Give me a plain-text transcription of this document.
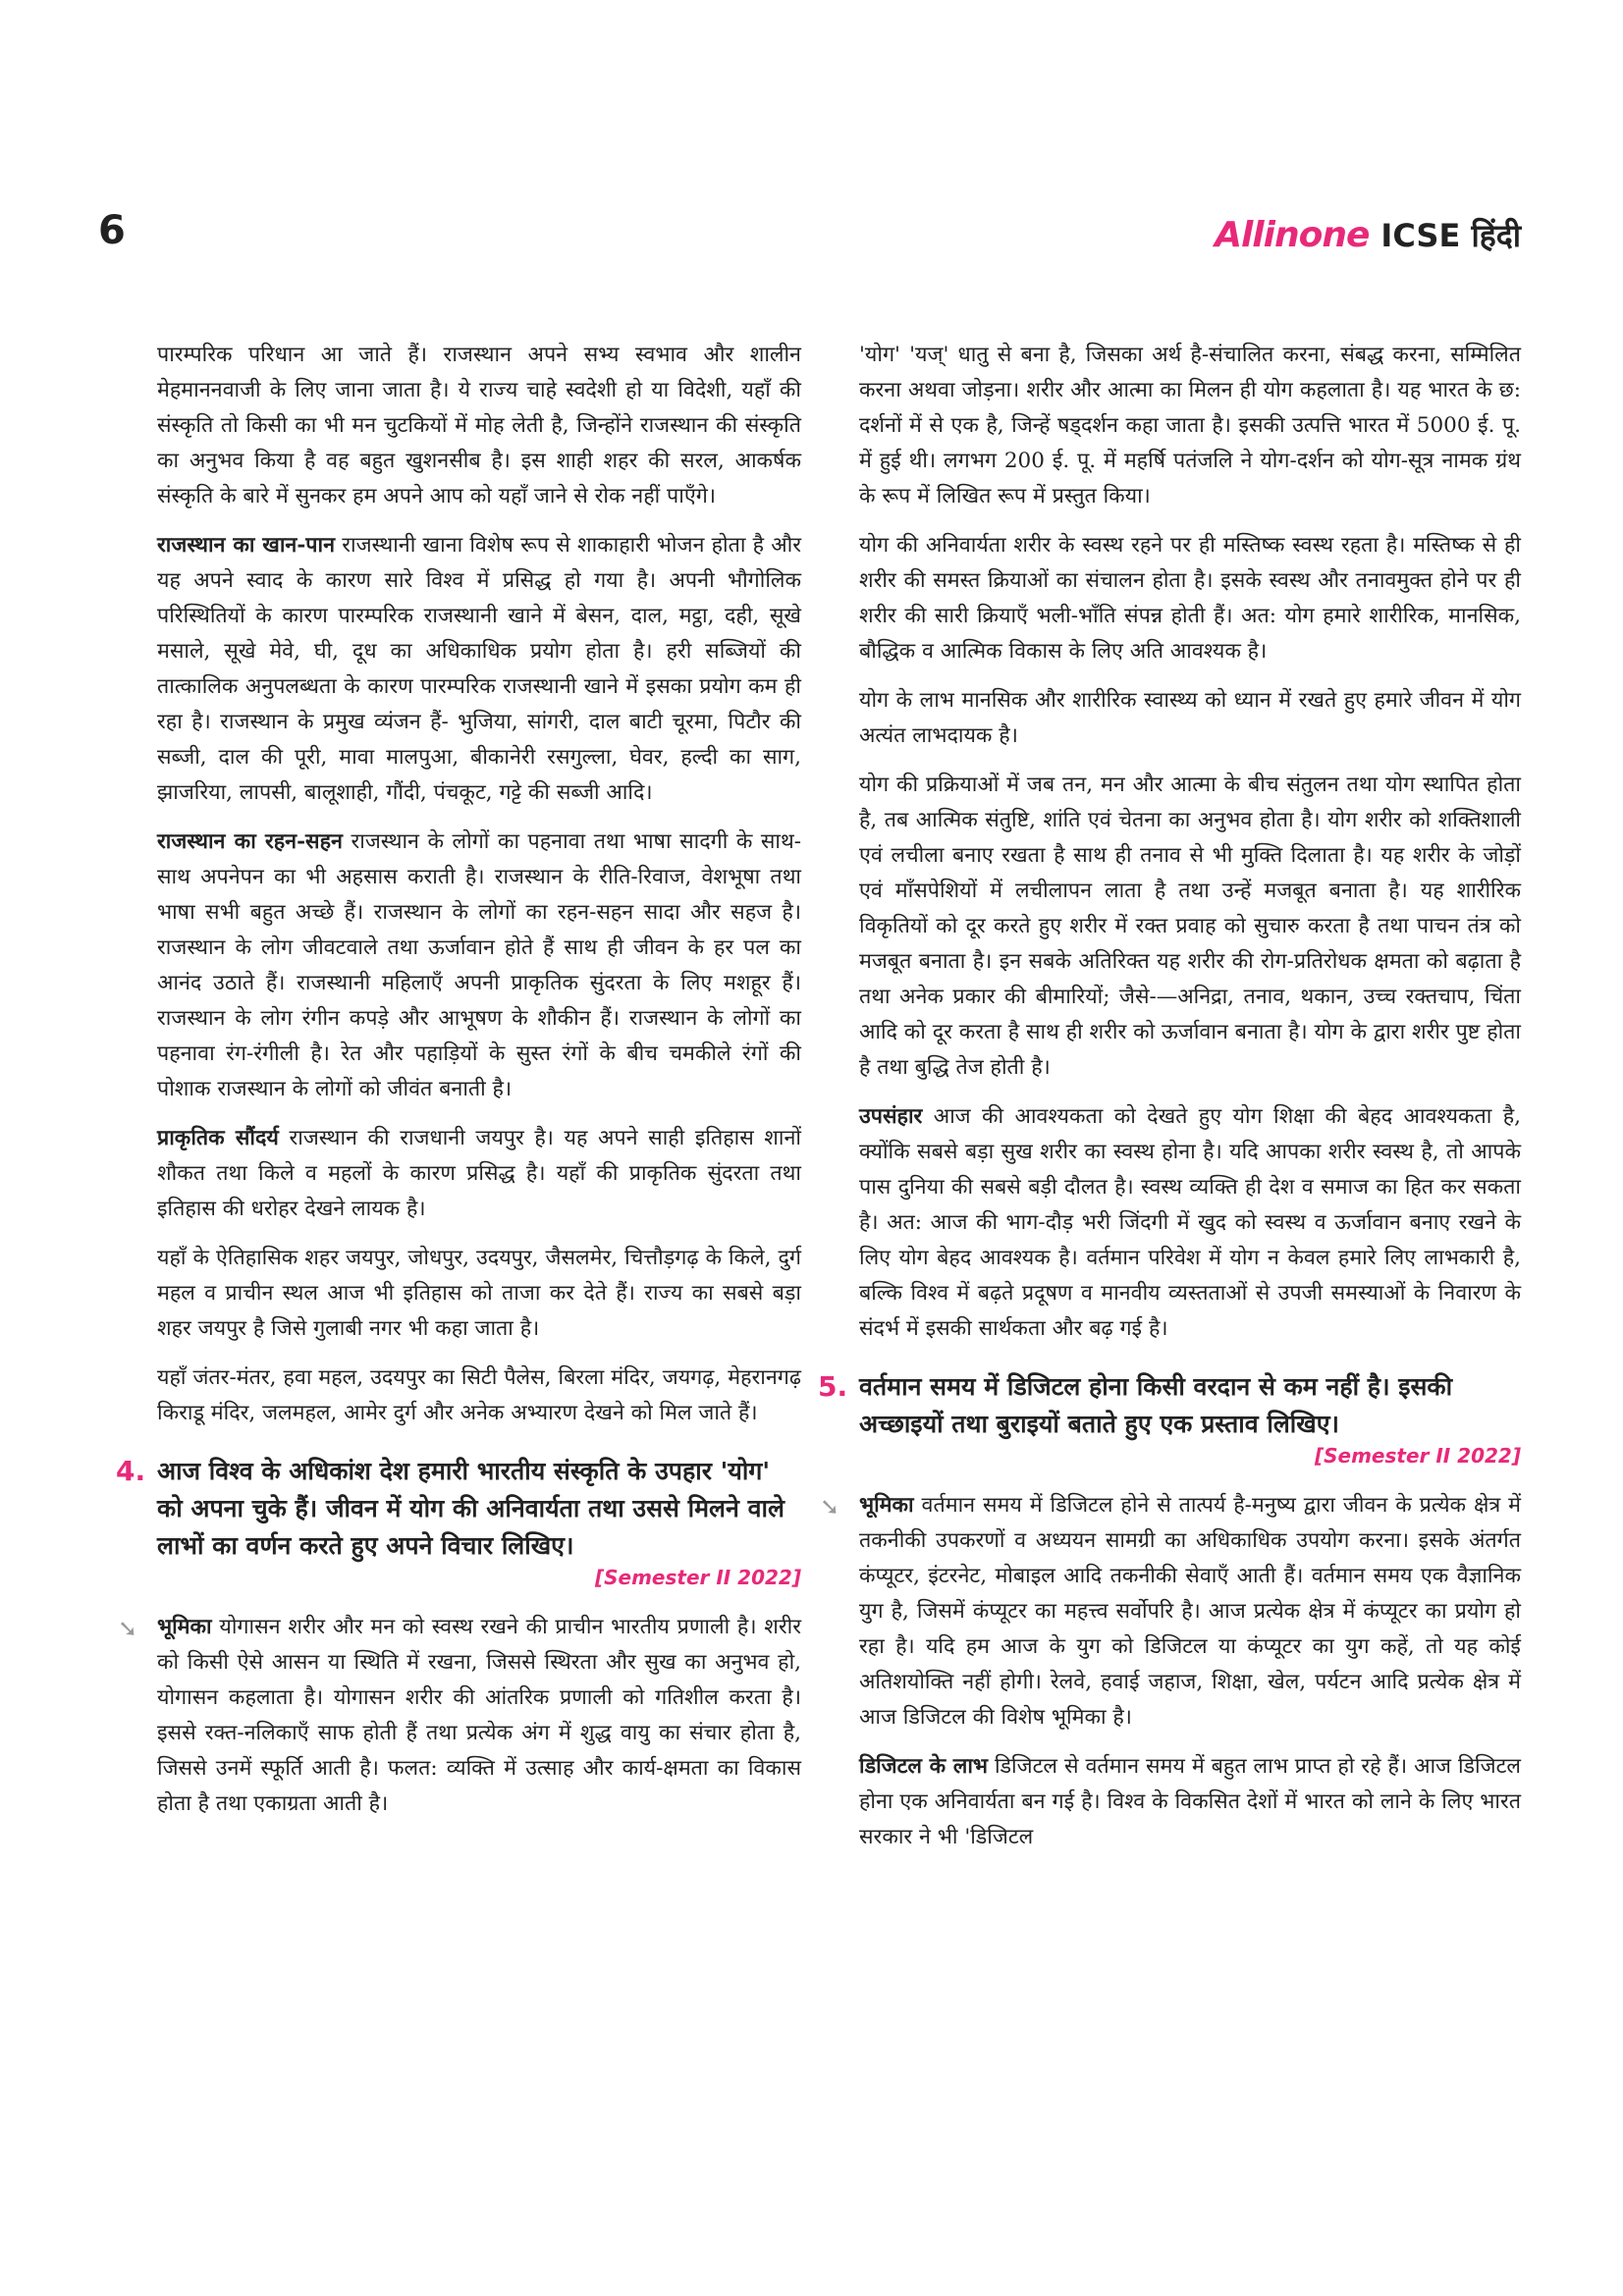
6	Allinone ICSE हिंदी

पारम्परिक परिधान आ जाते हैं। राजस्थान अपने सभ्य स्वभाव और शालीन मेहमाननवाजी के लिए जाना जाता है। ये राज्य चाहे स्वदेशी हो या विदेशी, यहाँ की संस्कृति तो किसी का भी मन चुटकियों में मोह लेती है, जिन्होंने राजस्थान की संस्कृति का अनुभव किया है वह बहुत खुशनसीब है। इस शाही शहर की सरल, आकर्षक संस्कृति के बारे में सुनकर हम अपने आप को यहाँ जाने से रोक नहीं पाएँगे।

राजस्थान का खान-पान राजस्थानी खाना विशेष रूप से शाकाहारी भोजन होता है और यह अपने स्वाद के कारण सारे विश्व में प्रसिद्ध हो गया है। अपनी भौगोलिक परिस्थितियों के कारण पारम्परिक राजस्थानी खाने में बेसन, दाल, मट्ठा, दही, सूखे मसाले, सूखे मेवे, घी, दूध का अधिकाधिक प्रयोग होता है। हरी सब्जियों की तात्कालिक अनुपलब्धता के कारण पारम्परिक राजस्थानी खाने में इसका प्रयोग कम ही रहा है। राजस्थान के प्रमुख व्यंजन हैं- भुजिया, सांगरी, दाल बाटी चूरमा, पिटौर की सब्जी, दाल की पूरी, मावा मालपुआ, बीकानेरी रसगुल्ला, घेवर, हल्दी का साग, झाजरिया, लापसी, बालूशाही, गौंदी, पंचकूट, गट्टे की सब्जी आदि।

राजस्थान का रहन-सहन राजस्थान के लोगों का पहनावा तथा भाषा सादगी के साथ-साथ अपनेपन का भी अहसास कराती है। राजस्थान के रीति-रिवाज, वेशभूषा तथा भाषा सभी बहुत अच्छे हैं। राजस्थान के लोगों का रहन-सहन सादा और सहज है। राजस्थान के लोग जीवटवाले तथा ऊर्जावान होते हैं साथ ही जीवन के हर पल का आनंद उठाते हैं। राजस्थानी महिलाएँ अपनी प्राकृतिक सुंदरता के लिए मशहूर हैं। राजस्थान के लोग रंगीन कपड़े और आभूषण के शौकीन हैं। राजस्थान के लोगों का पहनावा रंग-रंगीली है। रेत और पहाड़ियों के सुस्त रंगों के बीच चमकीले रंगों की पोशाक राजस्थान के लोगों को जीवंत बनाती है।

प्राकृतिक सौंदर्य राजस्थान की राजधानी जयपुर है। यह अपने साही इतिहास शानों शौकत तथा किले व महलों के कारण प्रसिद्ध है। यहाँ की प्राकृतिक सुंदरता तथा इतिहास की धरोहर देखने लायक है।

यहाँ के ऐतिहासिक शहर जयपुर, जोधपुर, उदयपुर, जैसलमेर, चित्तौड़गढ़ के किले, दुर्ग महल व प्राचीन स्थल आज भी इतिहास को ताजा कर देते हैं। राज्य का सबसे बड़ा शहर जयपुर है जिसे गुलाबी नगर भी कहा जाता है।

यहाँ जंतर-मंतर, हवा महल, उदयपुर का सिटी पैलेस, बिरला मंदिर, जयगढ़, मेहरानगढ़ किराडू मंदिर, जलमहल, आमेर दुर्ग और अनेक अभ्यारण देखने को मिल जाते हैं।

4. आज विश्व के अधिकांश देश हमारी भारतीय संस्कृति के उपहार 'योग' को अपना चुके हैं। जीवन में योग की अनिवार्यता तथा उससे मिलने वाले लाभों का वर्णन करते हुए अपने विचार लिखिए।
[Semester II 2022]
➘ भूमिका योगासन शरीर और मन को स्वस्थ रखने की प्राचीन भारतीय प्रणाली है। शरीर को किसी ऐसे आसन या स्थिति में रखना, जिससे स्थिरता और सुख का अनुभव हो, योगासन कहलाता है। योगासन शरीर की आंतरिक प्रणाली को गतिशील करता है। इससे रक्त-नलिकाएँ साफ होती हैं तथा प्रत्येक अंग में शुद्ध वायु का संचार होता है, जिससे उनमें स्फूर्ति आती है। फलत: व्यक्ति में उत्साह और कार्य-क्षमता का विकास होता है तथा एकाग्रता आती है।

'योग' 'यज्' धातु से बना है, जिसका अर्थ है-संचालित करना, संबद्ध करना, सम्मिलित करना अथवा जोड़ना। शरीर और आत्मा का मिलन ही योग कहलाता है। यह भारत के छ: दर्शनों में से एक है, जिन्हें षड्दर्शन कहा जाता है। इसकी उत्पत्ति भारत में 5000 ई. पू. में हुई थी। लगभग 200 ई. पू. में महर्षि पतंजलि ने योग-दर्शन को योग-सूत्र नामक ग्रंथ के रूप में लिखित रूप में प्रस्तुत किया।

योग की अनिवार्यता शरीर के स्वस्थ रहने पर ही मस्तिष्क स्वस्थ रहता है। मस्तिष्क से ही शरीर की समस्त क्रियाओं का संचालन होता है। इसके स्वस्थ और तनावमुक्त होने पर ही शरीर की सारी क्रियाएँ भली-भाँति संपन्न होती हैं। अत: योग हमारे शारीरिक, मानसिक, बौद्धिक व आत्मिक विकास के लिए अति आवश्यक है।

योग के लाभ मानसिक और शारीरिक स्वास्थ्य को ध्यान में रखते हुए हमारे जीवन में योग अत्यंत लाभदायक है।

योग की प्रक्रियाओं में जब तन, मन और आत्मा के बीच संतुलन तथा योग स्थापित होता है, तब आत्मिक संतुष्टि, शांति एवं चेतना का अनुभव होता है। योग शरीर को शक्तिशाली एवं लचीला बनाए रखता है साथ ही तनाव से भी मुक्ति दिलाता है। यह शरीर के जोड़ों एवं माँसपेशियों में लचीलापन लाता है तथा उन्हें मजबूत बनाता है। यह शारीरिक विकृतियों को दूर करते हुए शरीर में रक्त प्रवाह को सुचारु करता है तथा पाचन तंत्र को मजबूत बनाता है। इन सबके अतिरिक्त यह शरीर की रोग-प्रतिरोधक क्षमता को बढ़ाता है तथा अनेक प्रकार की बीमारियों; जैसे-—अनिद्रा, तनाव, थकान, उच्च रक्तचाप, चिंता आदि को दूर करता है साथ ही शरीर को ऊर्जावान बनाता है। योग के द्वारा शरीर पुष्ट होता है तथा बुद्धि तेज होती है।

उपसंहार आज की आवश्यकता को देखते हुए योग शिक्षा की बेहद आवश्यकता है, क्योंकि सबसे बड़ा सुख शरीर का स्वस्थ होना है। यदि आपका शरीर स्वस्थ है, तो आपके पास दुनिया की सबसे बड़ी दौलत है। स्वस्थ व्यक्ति ही देश व समाज का हित कर सकता है। अत: आज की भाग-दौड़ भरी जिंदगी में खुद को स्वस्थ व ऊर्जावान बनाए रखने के लिए योग बेहद आवश्यक है। वर्तमान परिवेश में योग न केवल हमारे लिए लाभकारी है, बल्कि विश्व में बढ़ते प्रदूषण व मानवीय व्यस्तताओं से उपजी समस्याओं के निवारण के संदर्भ में इसकी सार्थकता और बढ़ गई है।

5. वर्तमान समय में डिजिटल होना किसी वरदान से कम नहीं है। इसकी अच्छाइयों तथा बुराइयों बताते हुए एक प्रस्ताव लिखिए।
[Semester II 2022]
➘ भूमिका वर्तमान समय में डिजिटल होने से तात्पर्य है-मनुष्य द्वारा जीवन के प्रत्येक क्षेत्र में तकनीकी उपकरणों व अध्ययन सामग्री का अधिकाधिक उपयोग करना। इसके अंतर्गत कंप्यूटर, इंटरनेट, मोबाइल आदि तकनीकी सेवाएँ आती हैं। वर्तमान समय एक वैज्ञानिक युग है, जिसमें कंप्यूटर का महत्त्व सर्वोपरि है। आज प्रत्येक क्षेत्र में कंप्यूटर का प्रयोग हो रहा है। यदि हम आज के युग को डिजिटल या कंप्यूटर का युग कहें, तो यह कोई अतिशयोक्ति नहीं होगी। रेलवे, हवाई जहाज, शिक्षा, खेल, पर्यटन आदि प्रत्येक क्षेत्र में आज डिजिटल की विशेष भूमिका है।

डिजिटल के लाभ डिजिटल से वर्तमान समय में बहुत लाभ प्राप्त हो रहे हैं। आज डिजिटल होना एक अनिवार्यता बन गई है। विश्व के विकसित देशों में भारत को लाने के लिए भारत सरकार ने भी 'डिजिटल
